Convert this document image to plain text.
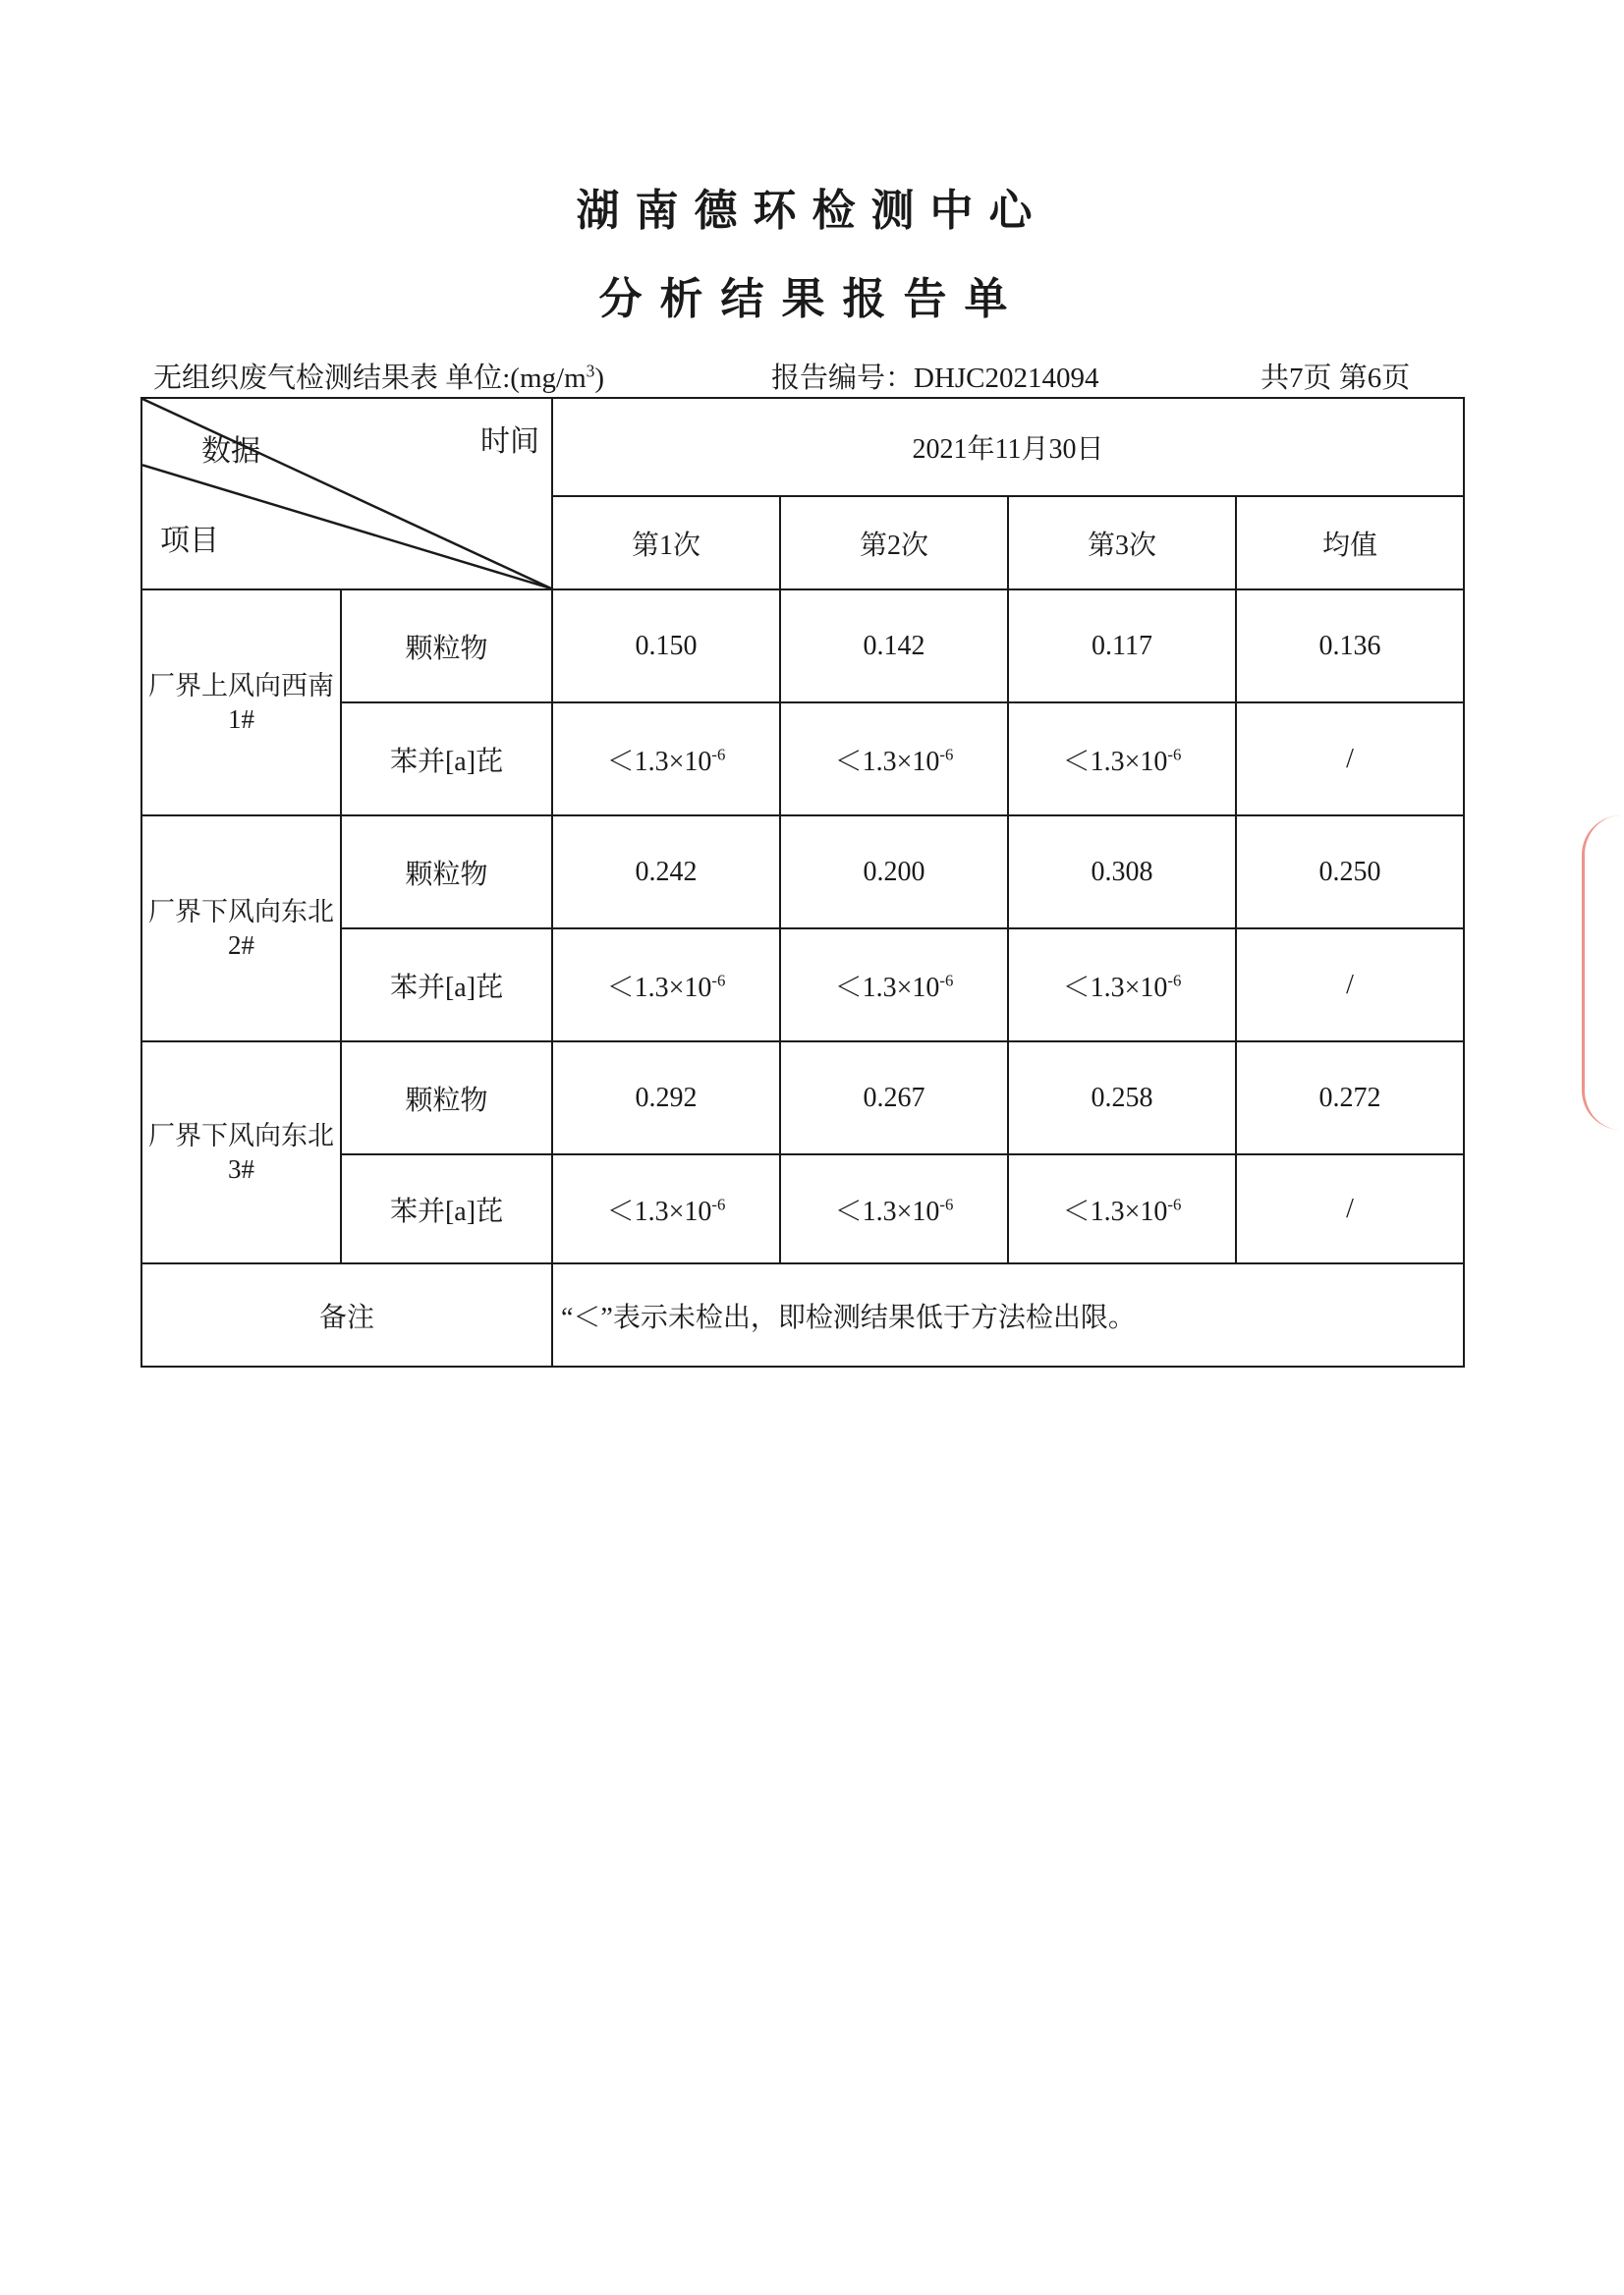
湖南德环检测中心
分析结果报告单
无组织废气检测结果表 单位$:(mg/m^3)$	报告编号：DHJC20214094	共7页 第6页
数据 时间
项目		2021年11月30日			
		第1次	第2次	第3次	均值
厂界上风向西南
1#	颗粒物	0.150	0.142	0.117	0.136
	苯并[a]芘	$<1.3\times 10^{-6}$	$<1.3\times 10^{-6}$	$<1.3\times 10^{-6}$	/
厂界下风向东北
2#	颗粒物	0.242	0.200	0.308	0.250
	苯并[a]芘	$<1.3\times 10^{-6}$	$<1.3\times 10^{-6}$	$<1.3\times 10^{-6}$	/
厂界下风向东北
3#	颗粒物	0.292	0.267	0.258	0.272
	苯并[a]芘	$<1.3\times 10^{-6}$	$<1.3\times 10^{-6}$	$<1.3\times 10^{-6}$	/
备注		“＜”表示未检出，即检测结果低于方法检出限。			
